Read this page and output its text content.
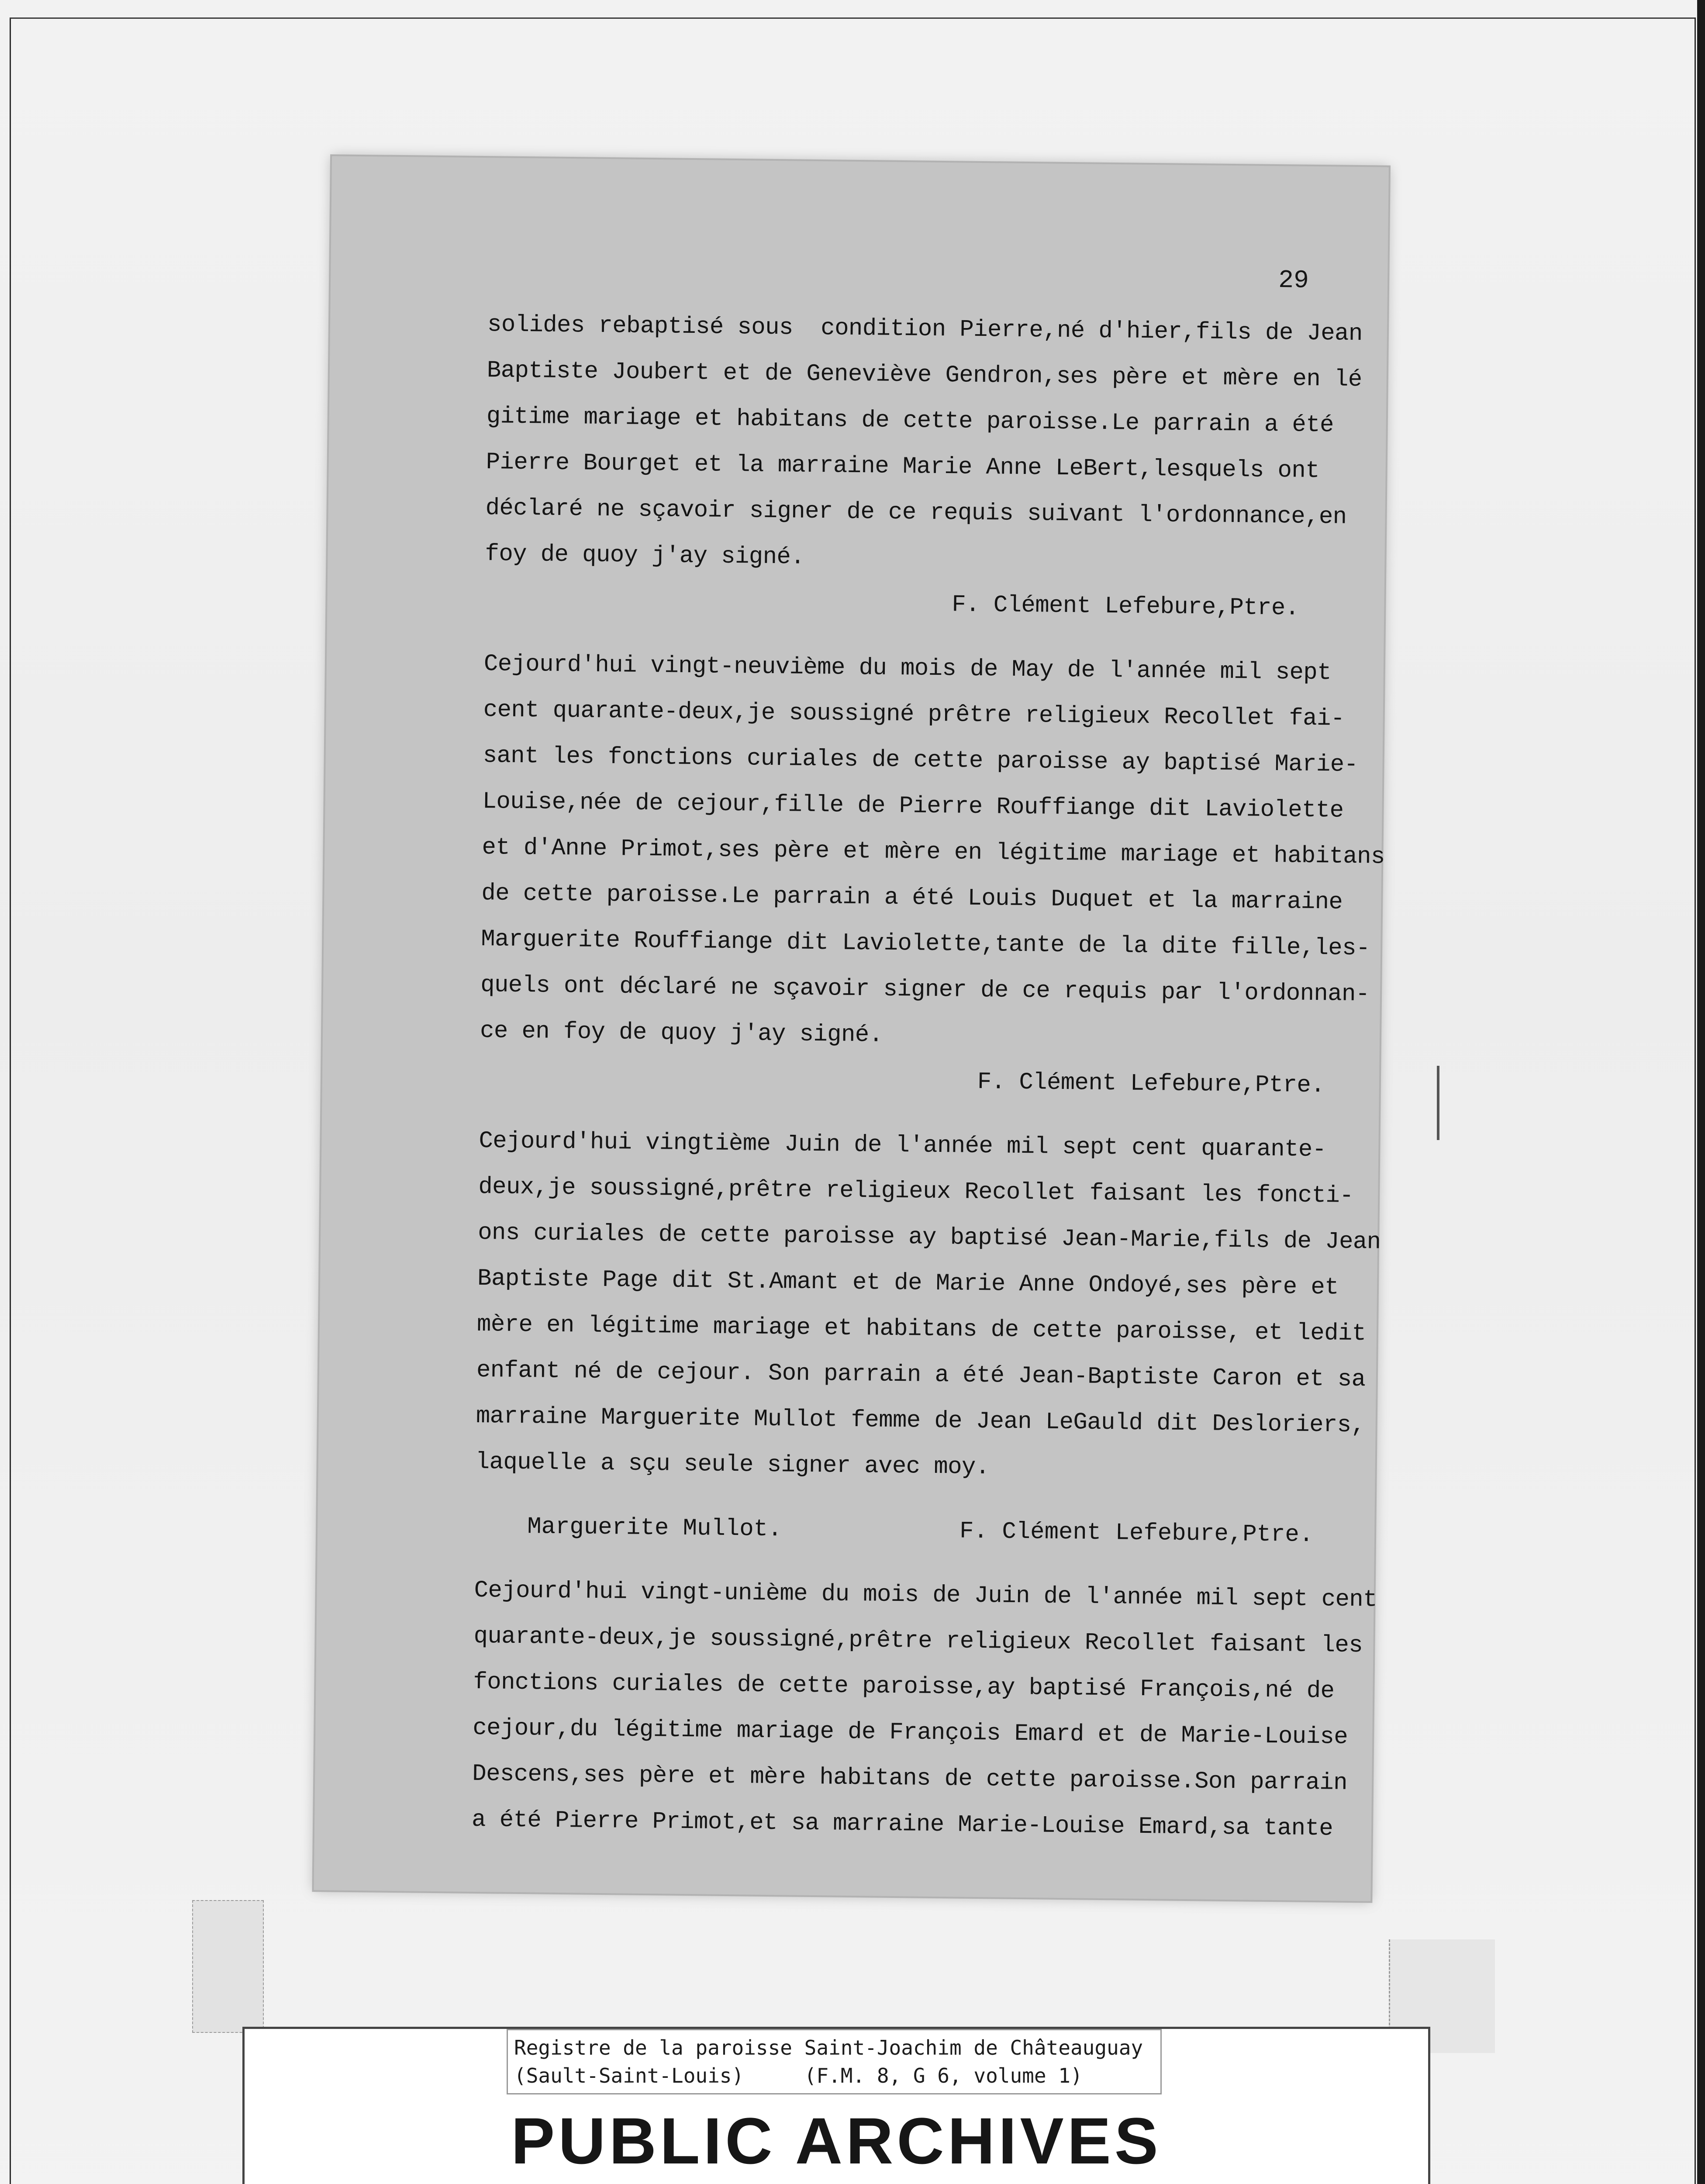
29
solides rebaptisé sous  condition Pierre,né d'hier,fils de Jean
Baptiste Joubert et de Geneviève Gendron,ses père et mère en lé
gitime mariage et habitans de cette paroisse.Le parrain a été
Pierre Bourget et la marraine Marie Anne LeBert,lesquels ont
déclaré ne sçavoir signer de ce requis suivant l'ordonnance,en
foy de quoy j'ay signé.
F. Clément Lefebure,Ptre.
Cejourd'hui vingt-neuvième du mois de May de l'année mil sept
cent quarante-deux,je soussigné prêtre religieux Recollet fai-
sant les fonctions curiales de cette paroisse ay baptisé Marie-
Louise,née de cejour,fille de Pierre Rouffiange dit Laviolette
et d'Anne Primot,ses père et mère en légitime mariage et habitans
de cette paroisse.Le parrain a été Louis Duquet et la marraine
Marguerite Rouffiange dit Laviolette,tante de la dite fille,les-
quels ont déclaré ne sçavoir signer de ce requis par l'ordonnan-
ce en foy de quoy j'ay signé.
F. Clément Lefebure,Ptre.
Cejourd'hui vingtième Juin de l'année mil sept cent quarante-
deux,je soussigné,prêtre religieux Recollet faisant les foncti-
ons curiales de cette paroisse ay baptisé Jean-Marie,fils de Jean
Baptiste Page dit St.Amant et de Marie Anne Ondoyé,ses père et
mère en légitime mariage et habitans de cette paroisse, et ledit
enfant né de cejour. Son parrain a été Jean-Baptiste Caron et sa
marraine Marguerite Mullot femme de Jean LeGauld dit Desloriers,
laquelle a sçu seule signer avec moy.
Marguerite Mullot.	F. Clément Lefebure,Ptre.
Cejourd'hui vingt-unième du mois de Juin de l'année mil sept cent
quarante-deux,je soussigné,prêtre religieux Recollet faisant les
fonctions curiales de cette paroisse,ay baptisé François,né de
cejour,du légitime mariage de François Emard et de Marie-Louise
Descens,ses père et mère habitans de cette paroisse.Son parrain
a été Pierre Primot,et sa marraine Marie-Louise Emard,sa tante
Registre de la paroisse Saint-Joachim de Châteauguay
(Sault-Saint-Louis)     (F.M. 8, G 6, volume 1)
PUBLIC ARCHIVES
